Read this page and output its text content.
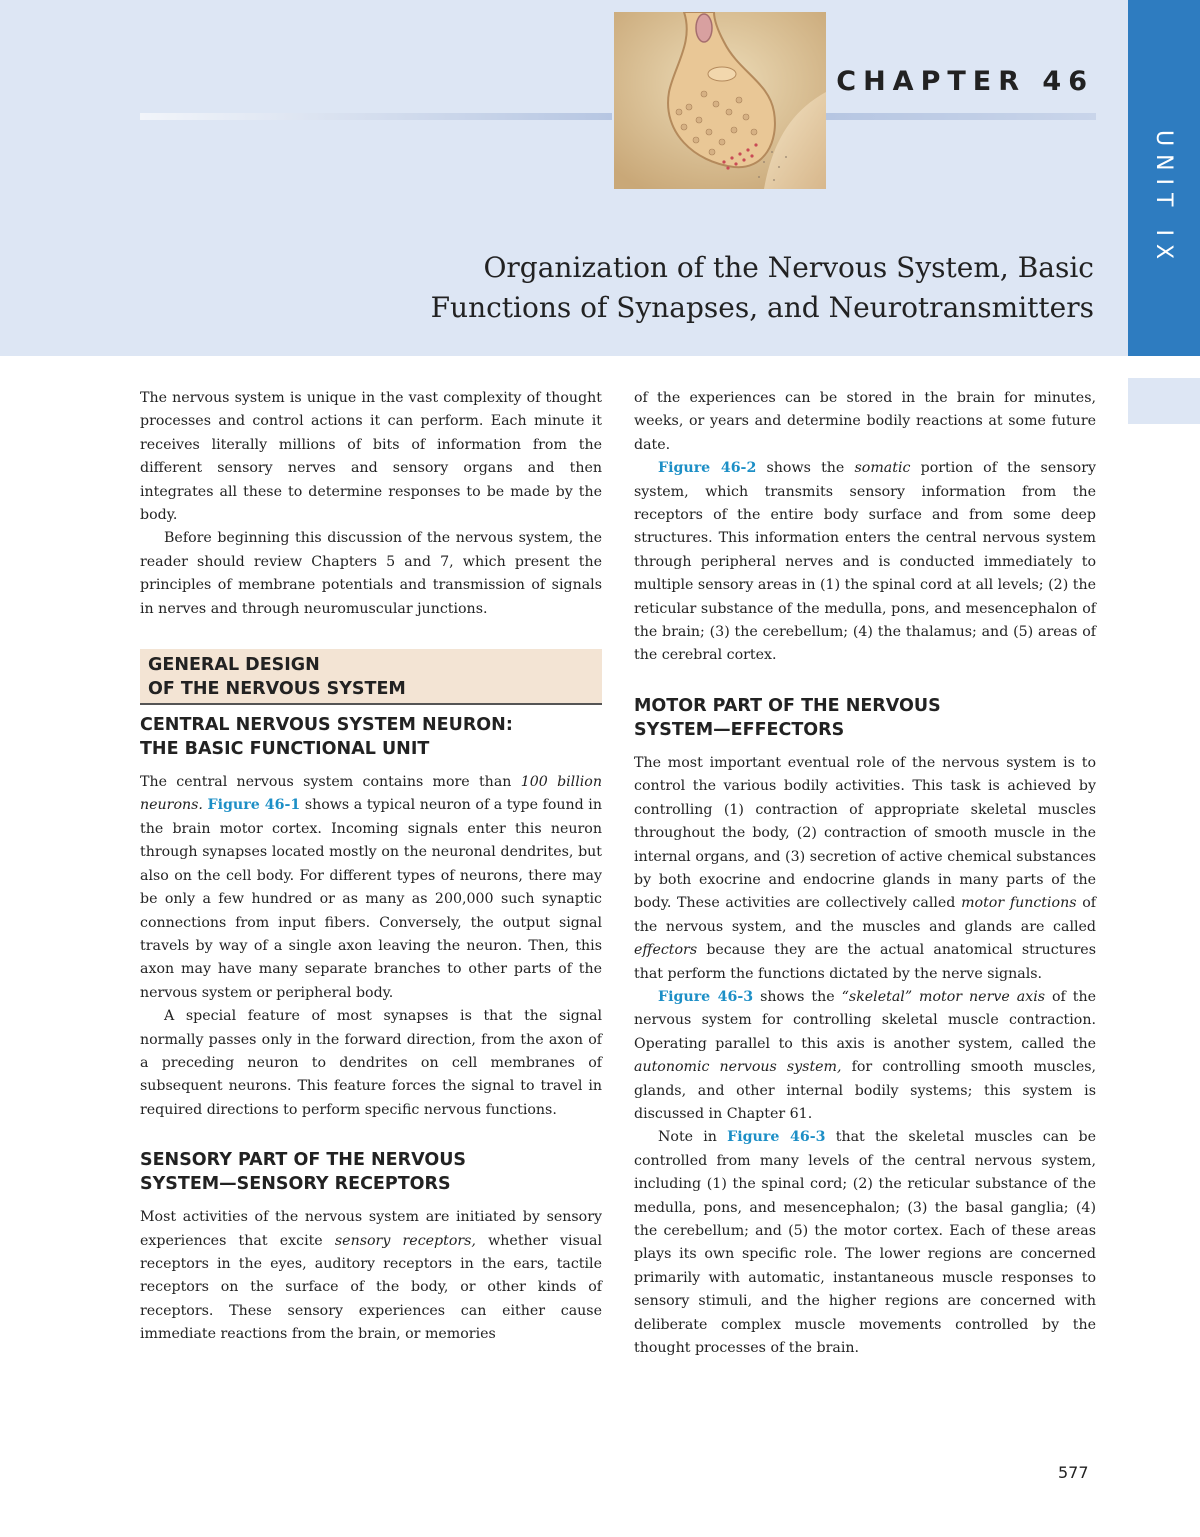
CHAPTER 46
Organization of the Nervous System, Basic
Functions of Synapses, and Neurotransmitters
UNIT IX

The nervous system is unique in the vast complexity of thought processes and control actions it can perform. Each minute it receives literally millions of bits of information from the different sensory nerves and sensory organs and then integrates all these to determine responses to be made by the body.

Before beginning this discussion of the nervous system, the reader should review Chapters 5 and 7, which present the principles of membrane potentials and transmission of signals in nerves and through neuromuscular junctions.

GENERAL DESIGN
OF THE NERVOUS SYSTEM
CENTRAL NERVOUS SYSTEM NEURON:
THE BASIC FUNCTIONAL UNIT

The central nervous system contains more than 100 billion neurons. Figure 46-1 shows a typical neuron of a type found in the brain motor cortex. Incoming signals enter this neuron through synapses located mostly on the neuronal dendrites, but also on the cell body. For different types of neurons, there may be only a few hundred or as many as 200,000 such synaptic connections from input fibers. Conversely, the output signal travels by way of a single axon leaving the neuron. Then, this axon may have many separate branches to other parts of the nervous system or peripheral body.

A special feature of most synapses is that the signal normally passes only in the forward direction, from the axon of a preceding neuron to dendrites on cell membranes of subsequent neurons. This feature forces the signal to travel in required directions to perform specific nervous functions.

SENSORY PART OF THE NERVOUS
SYSTEM—SENSORY RECEPTORS

Most activities of the nervous system are initiated by sensory experiences that excite sensory receptors, whether visual receptors in the eyes, auditory receptors in the ears, tactile receptors on the surface of the body, or other kinds of receptors. These sensory experiences can either cause immediate reactions from the brain, or memories

of the experiences can be stored in the brain for minutes, weeks, or years and determine bodily reactions at some future date.

Figure 46-2 shows the somatic portion of the sensory system, which transmits sensory information from the receptors of the entire body surface and from some deep structures. This information enters the central nervous system through peripheral nerves and is conducted immediately to multiple sensory areas in (1) the spinal cord at all levels; (2) the reticular substance of the medulla, pons, and mesencephalon of the brain; (3) the cerebellum; (4) the thalamus; and (5) areas of the cerebral cortex.

MOTOR PART OF THE NERVOUS
SYSTEM—EFFECTORS

The most important eventual role of the nervous system is to control the various bodily activities. This task is achieved by controlling (1) contraction of appropriate skeletal muscles throughout the body, (2) contraction of smooth muscle in the internal organs, and (3) secretion of active chemical substances by both exocrine and endocrine glands in many parts of the body. These activities are collectively called motor functions of the nervous system, and the muscles and glands are called effectors because they are the actual anatomical structures that perform the functions dictated by the nerve signals.

Figure 46-3 shows the “skeletal” motor nerve axis of the nervous system for controlling skeletal muscle contraction. Operating parallel to this axis is another system, called the autonomic nervous system, for controlling smooth muscles, glands, and other internal bodily systems; this system is discussed in Chapter 61.

Note in Figure 46-3 that the skeletal muscles can be controlled from many levels of the central nervous system, including (1) the spinal cord; (2) the reticular substance of the medulla, pons, and mesencephalon; (3) the basal ganglia; (4) the cerebellum; and (5) the motor cortex. Each of these areas plays its own specific role. The lower regions are concerned primarily with automatic, instantaneous muscle responses to sensory stimuli, and the higher regions are concerned with deliberate complex muscle movements controlled by the thought processes of the brain.

577
